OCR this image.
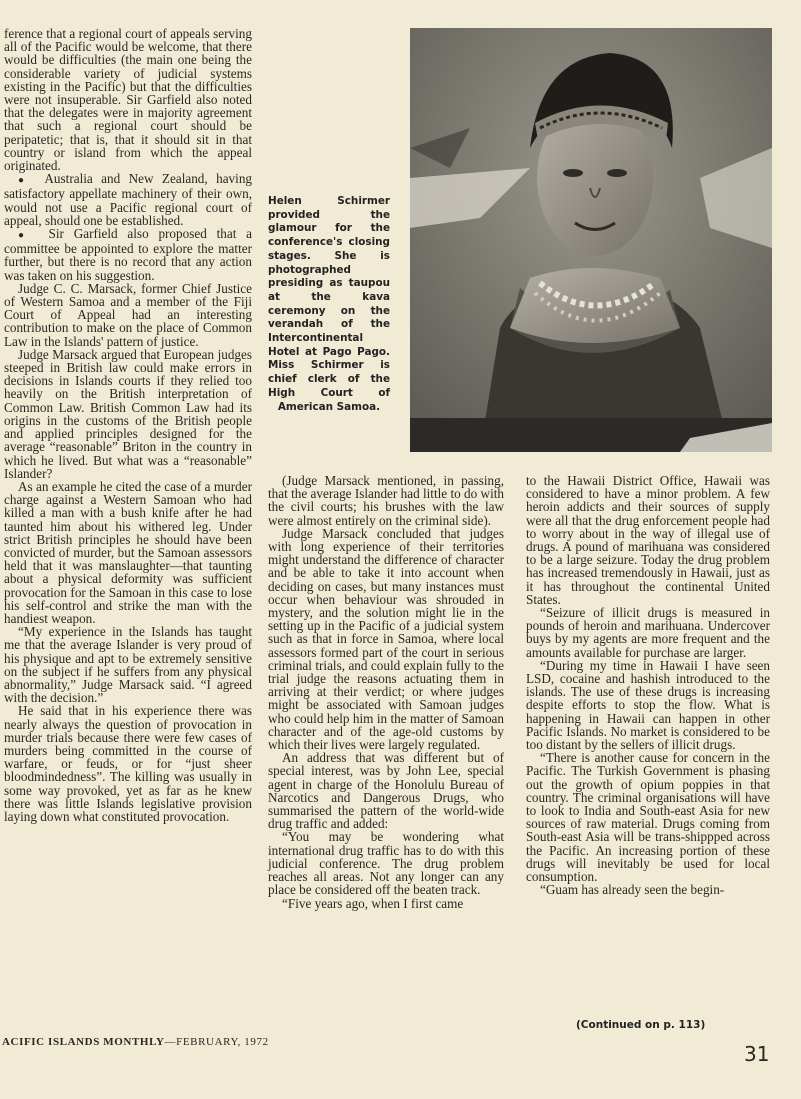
ference that a regional court of appeals serving all of the Pacific would be welcome, that there would be difficulties (the main one being the considerable variety of judicial systems existing in the Pacific) but that the difficulties were not insuperable. Sir Garfield also noted that the delegates were in majority agreement that such a regional court should be peripatetic; that is, that it should sit in that country or island from which the appeal originated.

●  Australia and New Zealand, having satisfactory appellate machinery of their own, would not use a Pacific regional court of appeal, should one be established.

●  Sir Garfield also proposed that a committee be appointed to explore the matter further, but there is no record that any action was taken on his suggestion.

Judge C. C. Marsack, former Chief Justice of Western Samoa and a member of the Fiji Court of Appeal had an interesting contribution to make on the place of Common Law in the Islands' pattern of justice.

Judge Marsack argued that European judges steeped in British law could make errors in decisions in Islands courts if they relied too heavily on the British interpretation of Common Law. British Common Law had its origins in the customs of the British people and applied principles designed for the average “reasonable” Briton in the country in which he lived. But what was a “reasonable” Islander?

As an example he cited the case of a murder charge against a Western Samoan who had killed a man with a bush knife after he had taunted him about his withered leg. Under strict British principles he should have been convicted of murder, but the Samoan assessors held that it was manslaughter—that taunting about a physical deformity was sufficient provocation for the Samoan in this case to lose his self-control and strike the man with the handiest weapon.

“My experience in the Islands has taught me that the average Islander is very proud of his physique and apt to be extremely sensitive on the subject if he suffers from any physical abnormality,” Judge Marsack said. “I agreed with the decision.”

He said that in his experience there was nearly always the question of provocation in murder trials because there were few cases of murders being committed in the course of warfare, or feuds, or for “just sheer bloodmindedness”. The killing was usually in some way provoked, yet as far as he knew there was little Islands legislative provision laying down what constituted provocation.

Helen Schirmer provided the glamour for the conference's closing stages. She is photographed presiding as taupou at the kava ceremony on the verandah of the Intercontinental Hotel at Pago Pago. Miss Schirmer is chief clerk of the High Court of American Samoa.

(Judge Marsack mentioned, in passing, that the average Islander had little to do with the civil courts; his brushes with the law were almost entirely on the criminal side).

Judge Marsack concluded that judges with long experience of their territories might understand the difference of character and be able to take it into account when deciding on cases, but many instances must occur when behaviour was shrouded in mystery, and the solution might lie in the setting up in the Pacific of a judicial system such as that in force in Samoa, where local assessors formed part of the court in serious criminal trials, and could explain fully to the trial judge the reasons actuating them in arriving at their verdict; or where judges might be associated with Samoan judges who could help him in the matter of Samoan character and of the age-old customs by which their lives were largely regulated.

An address that was different but of special interest, was by John Lee, special agent in charge of the Honolulu Bureau of Narcotics and Dangerous Drugs, who summarised the pattern of the world-wide drug traffic and added:

“You may be wondering what international drug traffic has to do with this judicial conference. The drug problem reaches all areas. Not any longer can any place be considered off the beaten track.

“Five years ago, when I first came

to the Hawaii District Office, Hawaii was considered to have a minor problem. A few heroin addicts and their sources of supply were all that the drug enforcement people had to worry about in the way of illegal use of drugs. A pound of marihuana was considered to be a large seizure. Today the drug problem has increased tremendously in Hawaii, just as it has throughout the continental United States.

“Seizure of illicit drugs is measured in pounds of heroin and marihuana. Undercover buys by my agents are more frequent and the amounts available for purchase are larger.

“During my time in Hawaii I have seen LSD, cocaine and hashish introduced to the islands. The use of these drugs is increasing despite efforts to stop the flow. What is happening in Hawaii can happen in other Pacific Islands. No market is considered to be too distant by the sellers of illicit drugs.

“There is another cause for concern in the Pacific. The Turkish Government is phasing out the growth of opium poppies in that country. The criminal organisations will have to look to India and South-east Asia for new sources of raw material. Drugs coming from South-east Asia will be trans-shippped across the Pacific. An increasing portion of these drugs will inevitably be used for local consumption.

“Guam has already seen the begin-

(Continued on p. 113)
ACIFIC ISLANDS MONTHLY—FEBRUARY, 1972	31
